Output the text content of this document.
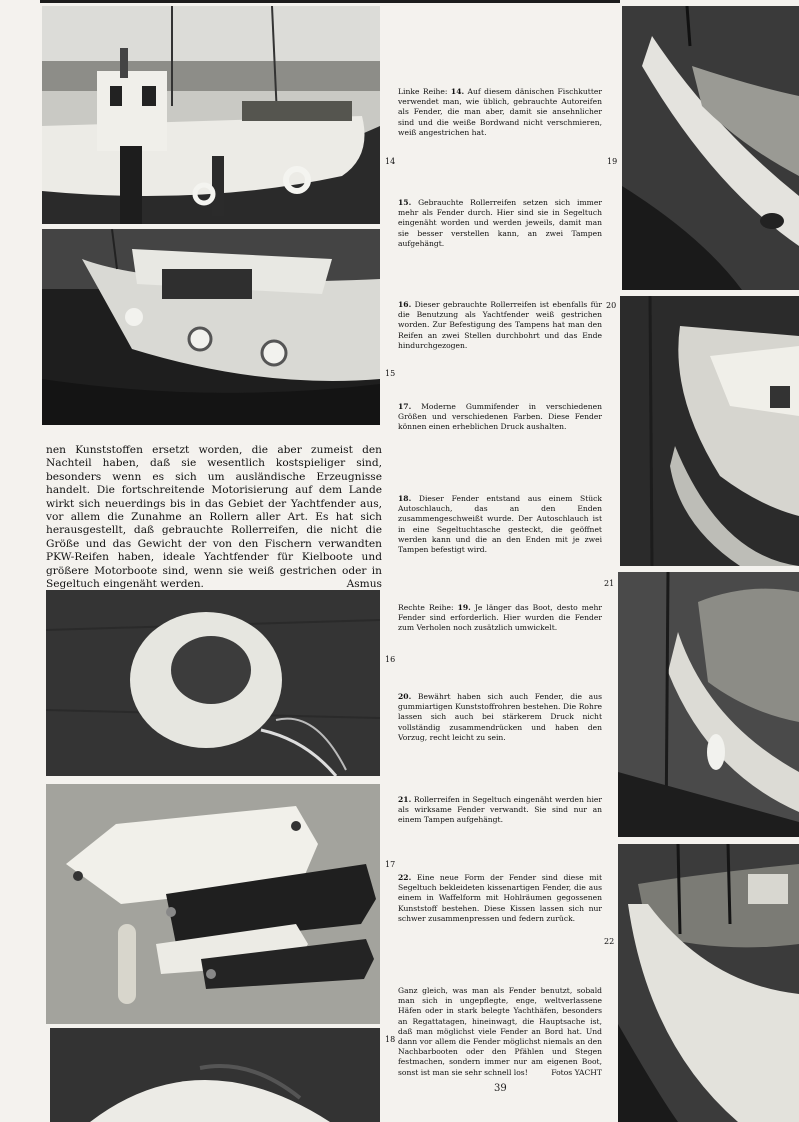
14
15
16
17
18
19
20
21
22
Linke Reihe: 14. Auf diesem dänischen Fischkutter verwendet man, wie üblich, gebrauchte Autoreifen als Fender, die man aber, damit sie ansehnlicher sind und die weiße Bordwand nicht verschmieren, weiß angestrichen hat.
15. Gebrauchte Rollerreifen setzen sich immer mehr als Fender durch. Hier sind sie in Segeltuch eingenäht worden und werden jeweils, damit man sie besser verstellen kann, an zwei Tampen aufgehängt.
16. Dieser gebrauchte Rollerreifen ist ebenfalls für die Benutzung als Yachtfender weiß gestrichen worden. Zur Befestigung des Tampens hat man den Reifen an zwei Stellen durchbohrt und das Ende hindurchgezogen.
17. Moderne Gummifender in verschiedenen Größen und verschiedenen Farben. Diese Fender können einen erheblichen Druck aushalten.
18. Dieser Fender entstand aus einem Stück Autoschlauch, das an den Enden zusammengeschweißt wurde. Der Autoschlauch ist in eine Segeltuchtasche gesteckt, die geöffnet werden kann und die an den Enden mit je zwei Tampen befestigt wird.
Rechte Reihe: 19. Je länger das Boot, desto mehr Fender sind erforderlich. Hier wurden die Fender zum Verholen noch zusätzlich umwickelt.
20. Bewährt haben sich auch Fender, die aus gummiartigen Kunststoffrohren bestehen. Die Rohre lassen sich auch bei stärkerem Druck nicht vollständig zusammendrücken und haben den Vorzug, recht leicht zu sein.
21. Rollerreifen in Segeltuch eingenäht werden hier als wirksame Fender verwandt. Sie sind nur an einem Tampen aufgehängt.
22. Eine neue Form der Fender sind diese mit Segeltuch bekleideten kissenartigen Fender, die aus einem in Waffelform mit Hohlräumen gegossenen Kunststoff bestehen. Diese Kissen lassen sich nur schwer zusammenpressen und federn zurück.
Ganz gleich, was man als Fender benutzt, sobald man sich in ungepflegte, enge, weltverlassene Häfen oder in stark belegte Yachthäfen, besonders an Regattatagen, hineinwagt, die Hauptsache ist, daß man möglichst viele Fender an Bord hat. Und dann vor allem die Fender möglichst niemals an den Nachbarbooten oder den Pfählen und Stegen festmachen, sondern immer nur am eigenen Boot, sonst ist man sie sehr schnell los!	Fotos YACHT
nen Kunststoffen ersetzt worden, die aber zumeist den Nachteil haben, daß sie wesentlich kostspieliger sind, besonders wenn es sich um ausländische Erzeugnisse handelt. Die fortschreitende Motorisierung auf dem Lande wirkt sich neuerdings bis in das Gebiet der Yachtfender aus, vor allem die Zunahme an Rollern aller Art. Es hat sich herausgestellt, daß gebrauchte Rollerreifen, die nicht die Größe und das Gewicht der von den Fischern verwandten PKW-Reifen haben, ideale Yachtfender für Kielboote und größere Motorboote sind, wenn sie weiß gestrichen oder in Segeltuch eingenäht werden.	Asmus
39
